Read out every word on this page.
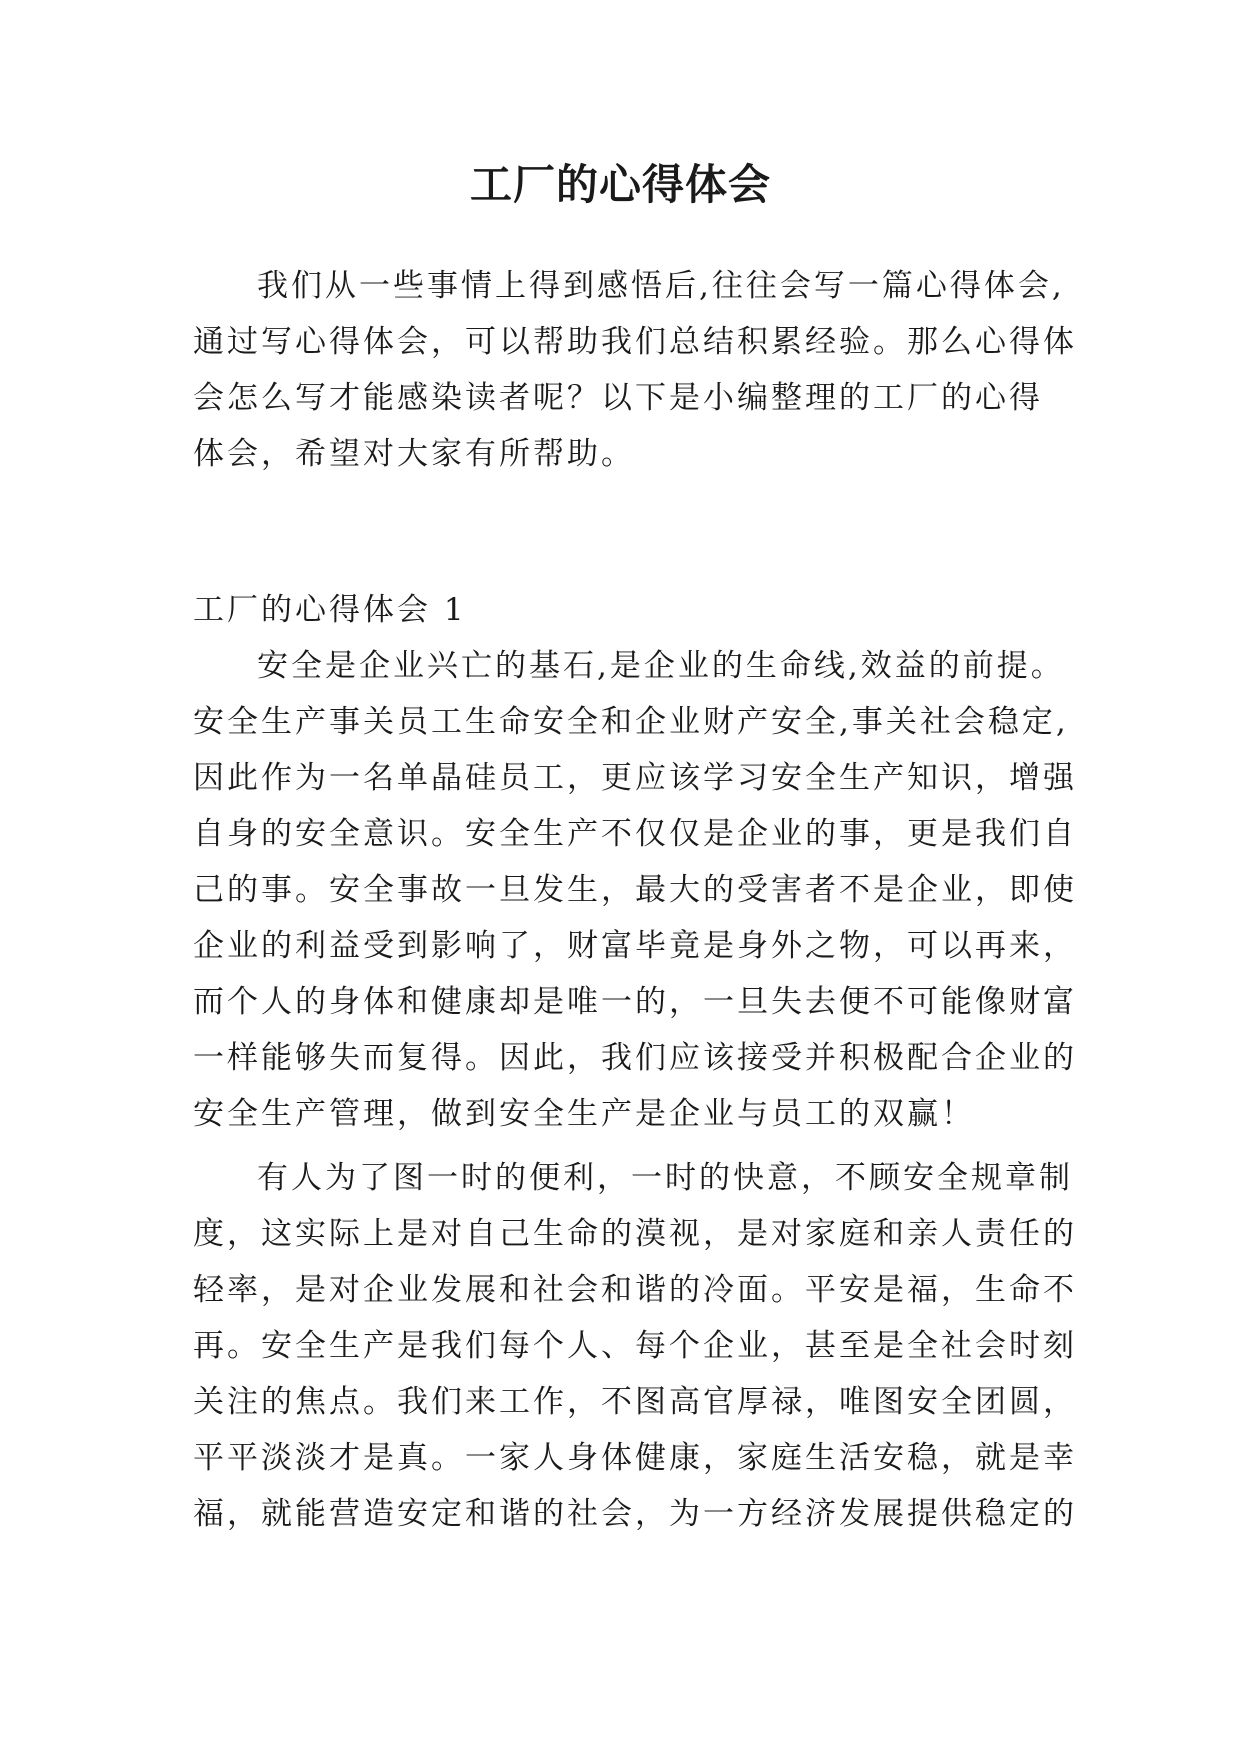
工厂的心得体会
我们从一些事情上得到感悟后,往往会写一篇心得体会,
通过写心得体会，可以帮助我们总结积累经验。那么心得体
会怎么写才能感染读者呢？以下是小编整理的工厂的心得
体会，希望对大家有所帮助。
工厂的心得体会 1
安全是企业兴亡的基石,是企业的生命线,效益的前提。
安全生产事关员工生命安全和企业财产安全,事关社会稳定,
因此作为一名单晶硅员工，更应该学习安全生产知识，增强
自身的安全意识。安全生产不仅仅是企业的事，更是我们自
己的事。安全事故一旦发生，最大的受害者不是企业，即使
企业的利益受到影响了，财富毕竟是身外之物，可以再来，
而个人的身体和健康却是唯一的，一旦失去便不可能像财富
一样能够失而复得。因此，我们应该接受并积极配合企业的
安全生产管理，做到安全生产是企业与员工的双赢！
有人为了图一时的便利，一时的快意，不顾安全规章制
度，这实际上是对自己生命的漠视，是对家庭和亲人责任的
轻率，是对企业发展和社会和谐的冷面。平安是福，生命不
再。安全生产是我们每个人、每个企业，甚至是全社会时刻
关注的焦点。我们来工作，不图高官厚禄，唯图安全团圆，
平平淡淡才是真。一家人身体健康，家庭生活安稳，就是幸
福，就能营造安定和谐的社会，为一方经济发展提供稳定的
